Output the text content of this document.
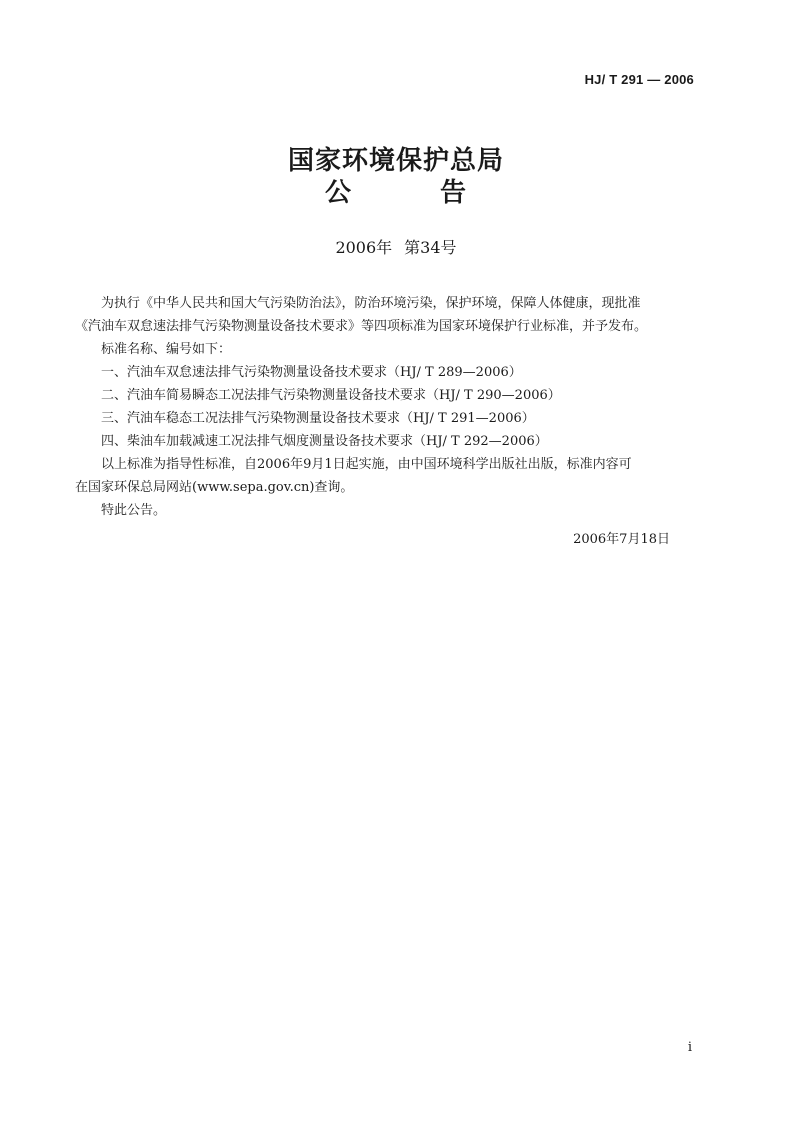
HJ/ T 291 — 2006
国家环境保护总局
公	告
2006年 第34号

为执行《中华人民共和国大气污染防治法》，防治环境污染，保护环境，保障人体健康，现批准

《汽油车双怠速法排气污染物测量设备技术要求》等四项标准为国家环境保护行业标准，并予发布。

标准名称、编号如下：

一、汽油车双怠速法排气污染物测量设备技术要求（HJ/ T 289—2006）

二、汽油车简易瞬态工况法排气污染物测量设备技术要求（HJ/ T 290—2006）

三、汽油车稳态工况法排气污染物测量设备技术要求（HJ/ T 291—2006）

四、柴油车加载减速工况法排气烟度测量设备技术要求（HJ/ T 292—2006）

以上标准为指导性标准，自2006年9月1日起实施，由中国环境科学出版社出版，标准内容可

在国家环保总局网站(www.sepa.gov.cn)查询。

特此公告。

2006年7月18日
i
